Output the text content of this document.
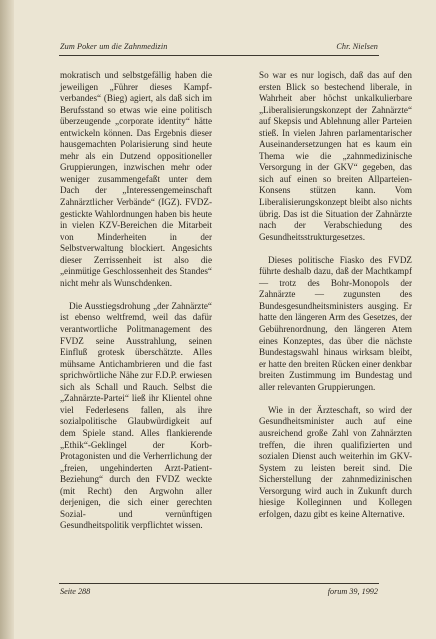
Zum Poker um die Zahnmedizin	Chr. Nielsen

mokratisch und selbstgefällig haben die jeweiligen „Führer dieses Kampf-verbandes“ (Bieg) agiert, als daß sich im Berufsstand so etwas wie eine politisch überzeugende „corporate identity“ hätte entwickeln können. Das Ergebnis dieser hausgemachten Polarisierung sind heute mehr als ein Dutzend oppositioneller Gruppierungen, inzwischen mehr oder weniger zusammengefaßt unter dem Dach der „Interessengemeinschaft Zahnärztlicher Verbände“ (IGZ). FVDZ-gestickte Wahlordnungen haben bis heute in vielen KZV-Bereichen die Mitarbeit von Minderheiten in der Selbstverwaltung blockiert. Angesichts dieser Zerrissenheit ist also die „einmütige Geschlossenheit des Standes“ nicht mehr als Wunschdenken.

Die Ausstiegsdrohung „der Zahnärzte“ ist ebenso weltfremd, weil das dafür verantwortliche Politmanagement des FVDZ seine Ausstrahlung, seinen Einfluß grotesk überschätzte. Alles mühsame Antichambrieren und die fast sprichwörtliche Nähe zur F.D.P. erwiesen sich als Schall und Rauch. Selbst die „Zahnärzte-Partei“ ließ ihr Klientel ohne viel Federlesens fallen, als ihre sozialpolitische Glaubwürdigkeit auf dem Spiele stand. Alles flankierende „Ethik“-Geklingel der Korb-Protagonisten und die Verherrlichung der „freien, ungehinderten Arzt-Patient-Beziehung“ durch den FVDZ weckte (mit Recht) den Argwohn aller derjenigen, die sich einer gerechten Sozial- und vernünftigen Gesundheitspolitik verpflichtet wissen.

So war es nur logisch, daß das auf den ersten Blick so bestechend liberale, in Wahrheit aber höchst unkalkulierbare „Liberalisierungskonzept der Zahnärzte“ auf Skepsis und Ablehnung aller Parteien stieß. In vielen Jahren parlamentarischer Auseinandersetzungen hat es kaum ein Thema wie die „zahnmedizinische Versorgung in der GKV“ gegeben, das sich auf einen so breiten Allparteien-Konsens stützen kann. Vom Liberalisierungskonzept bleibt also nichts übrig. Das ist die Situation der Zahnärzte nach der Verabschiedung des Gesundheitsstrukturgesetzes.

Dieses politische Fiasko des FVDZ führte deshalb dazu, daß der Machtkampf — trotz des Bohr-Monopols der Zahnärzte — zugunsten des Bundesgesundheitsministers ausging. Er hatte den längeren Arm des Gesetzes, der Gebührenordnung, den längeren Atem eines Konzeptes, das über die nächste Bundestagswahl hinaus wirksam bleibt, er hatte den breiten Rücken einer denkbar breiten Zustimmung im Bundestag und aller relevanten Gruppierungen.

Wie in der Ärzteschaft, so wird der Gesundheitsminister auch auf eine ausreichend große Zahl von Zahnärzten treffen, die ihren qualifizierten und sozialen Dienst auch weiterhin im GKV-System zu leisten bereit sind. Die Sicherstellung der zahnmedizinischen Versorgung wird auch in Zukunft durch hiesige Kolleginnen und Kollegen erfolgen, dazu gibt es keine Alternative.

Seite 288	forum 39, 1992
